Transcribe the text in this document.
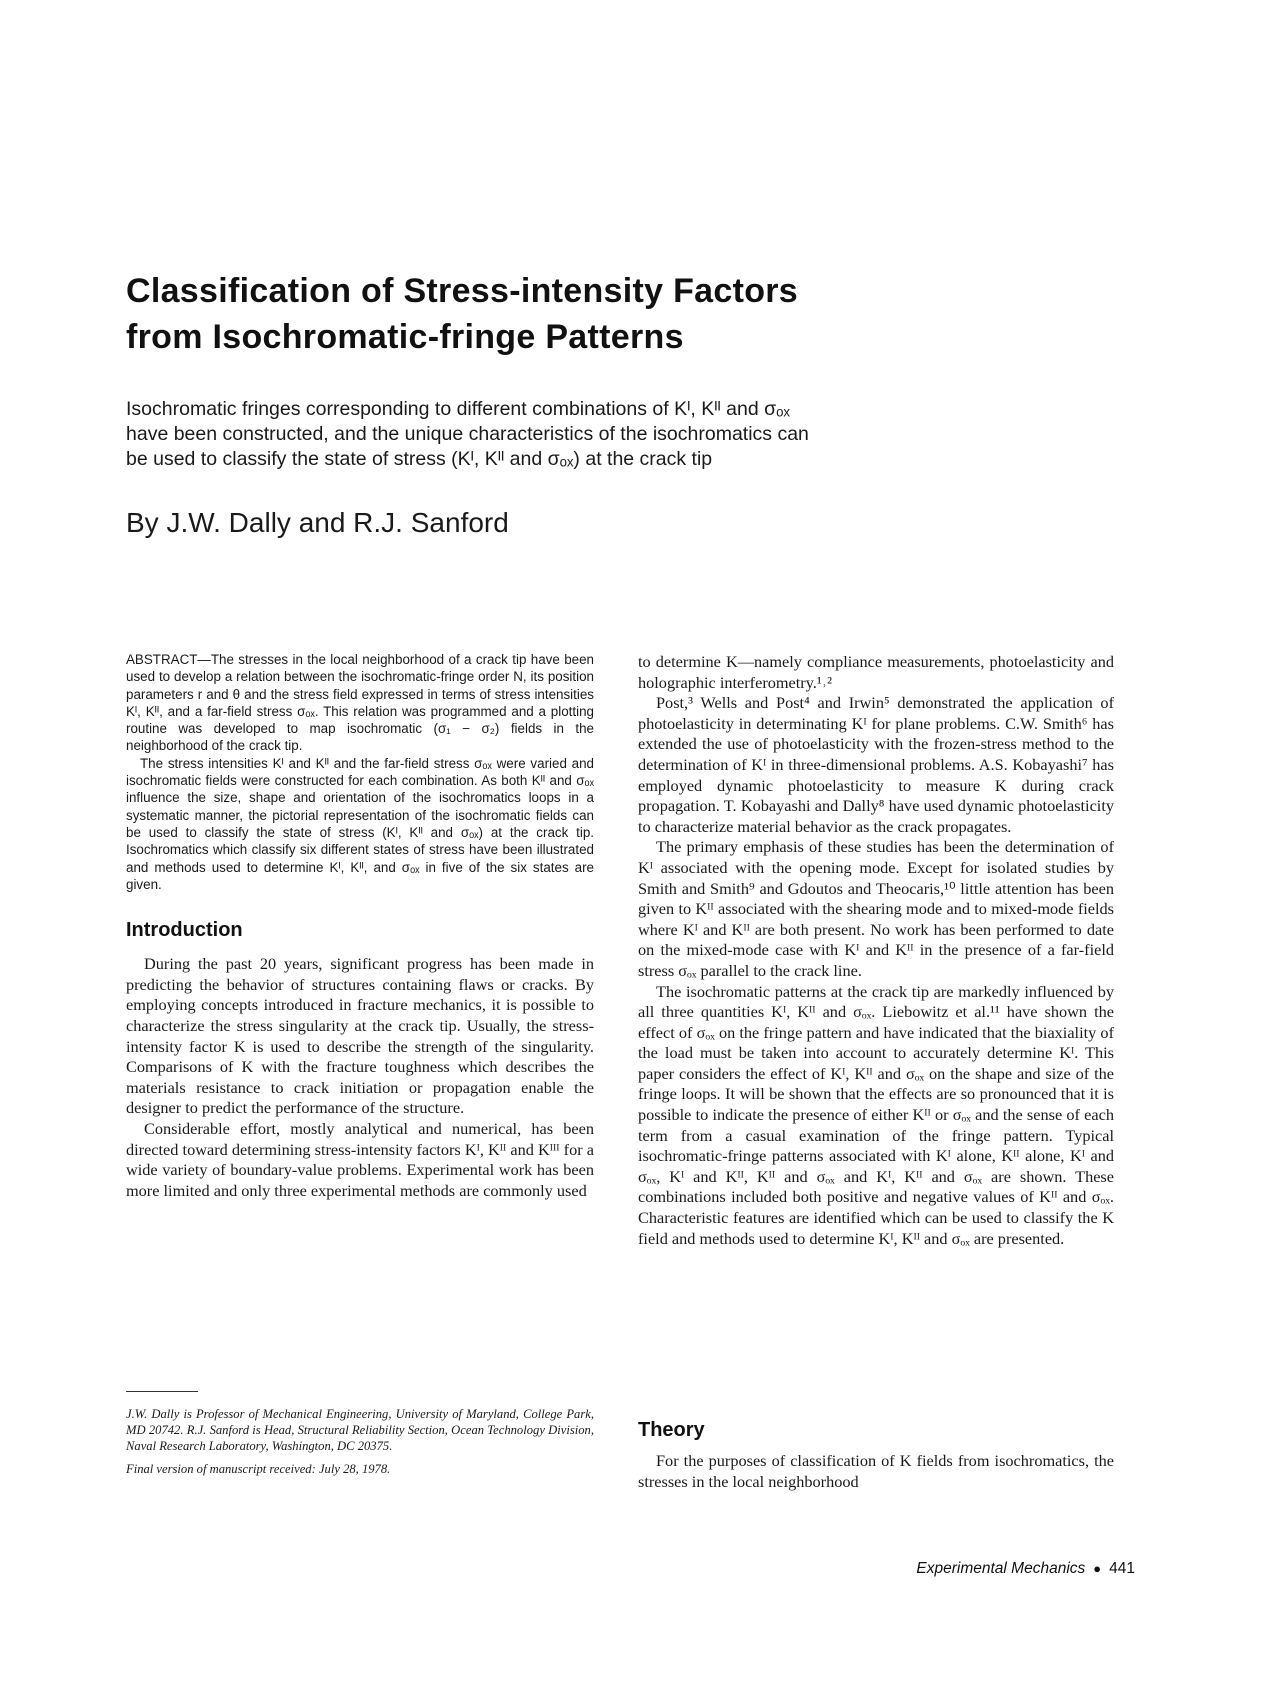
Classification of Stress-intensity Factors
from Isochromatic-fringe Patterns
Isochromatic fringes corresponding to different combinations of Kᴵ, Kᴵᴵ and σₒₓ
have been constructed, and the unique characteristics of the isochromatics can
be used to classify the state of stress (Kᴵ, Kᴵᴵ and σₒₓ) at the crack tip
By J.W. Dally and R.J. Sanford

ABSTRACT—The stresses in the local neighborhood of a crack tip have been used to develop a relation between the isochromatic-fringe order N, its position parameters r and θ and the stress field expressed in terms of stress intensities Kᴵ, Kᴵᴵ, and a far-field stress σₒₓ. This relation was programmed and a plotting routine was developed to map isochromatic (σ₁ − σ₂) fields in the neighborhood of the crack tip.

The stress intensities Kᴵ and Kᴵᴵ and the far-field stress σₒₓ were varied and isochromatic fields were constructed for each combination. As both Kᴵᴵ and σₒₓ influence the size, shape and orientation of the isochromatics loops in a systematic manner, the pictorial representation of the isochromatic fields can be used to classify the state of stress (Kᴵ, Kᴵᴵ and σₒₓ) at the crack tip. Isochromatics which classify six different states of stress have been illustrated and methods used to determine Kᴵ, Kᴵᴵ, and σₒₓ in five of the six states are given.

Introduction

During the past 20 years, significant progress has been made in predicting the behavior of structures containing flaws or cracks. By employing concepts introduced in fracture mechanics, it is possible to characterize the stress singularity at the crack tip. Usually, the stress-intensity factor K is used to describe the strength of the singularity. Comparisons of K with the fracture toughness which describes the materials resistance to crack initiation or propagation enable the designer to predict the performance of the structure.

Considerable effort, mostly analytical and numerical, has been directed toward determining stress-intensity factors Kᴵ, Kᴵᴵ and Kᴵᴵᴵ for a wide variety of boundary-value problems. Experimental work has been more limited and only three experimental methods are commonly used

to determine K—namely compliance measurements, photoelasticity and holographic interferometry.¹˒²

Post,³ Wells and Post⁴ and Irwin⁵ demonstrated the application of photoelasticity in determinating Kᴵ for plane problems. C.W. Smith⁶ has extended the use of photoelasticity with the frozen-stress method to the determination of Kᴵ in three-dimensional problems. A.S. Kobayashi⁷ has employed dynamic photoelasticity to measure K during crack propagation. T. Kobayashi and Dally⁸ have used dynamic photoelasticity to characterize material behavior as the crack propagates.

The primary emphasis of these studies has been the determination of Kᴵ associated with the opening mode. Except for isolated studies by Smith and Smith⁹ and Gdoutos and Theocaris,¹⁰ little attention has been given to Kᴵᴵ associated with the shearing mode and to mixed-mode fields where Kᴵ and Kᴵᴵ are both present. No work has been performed to date on the mixed-mode case with Kᴵ and Kᴵᴵ in the presence of a far-field stress σₒₓ parallel to the crack line.

The isochromatic patterns at the crack tip are markedly influenced by all three quantities Kᴵ, Kᴵᴵ and σₒₓ. Liebowitz et al.¹¹ have shown the effect of σₒₓ on the fringe pattern and have indicated that the biaxiality of the load must be taken into account to accurately determine Kᴵ. This paper considers the effect of Kᴵ, Kᴵᴵ and σₒₓ on the shape and size of the fringe loops. It will be shown that the effects are so pronounced that it is possible to indicate the presence of either Kᴵᴵ or σₒₓ and the sense of each term from a casual examination of the fringe pattern. Typical isochromatic-fringe patterns associated with Kᴵ alone, Kᴵᴵ alone, Kᴵ and σₒₓ, Kᴵ and Kᴵᴵ, Kᴵᴵ and σₒₓ and Kᴵ, Kᴵᴵ and σₒₓ are shown. These combinations included both positive and negative values of Kᴵᴵ and σₒₓ. Characteristic features are identified which can be used to classify the K field and methods used to determine Kᴵ, Kᴵᴵ and σₒₓ are presented.

Theory

For the purposes of classification of K fields from isochromatics, the stresses in the local neighborhood

J.W. Dally is Professor of Mechanical Engineering, University of Maryland, College Park, MD 20742. R.J. Sanford is Head, Structural Reliability Section, Ocean Technology Division, Naval Research Laboratory, Washington, DC 20375.

Final version of manuscript received: July 28, 1978.

Experimental Mechanics ● 441
